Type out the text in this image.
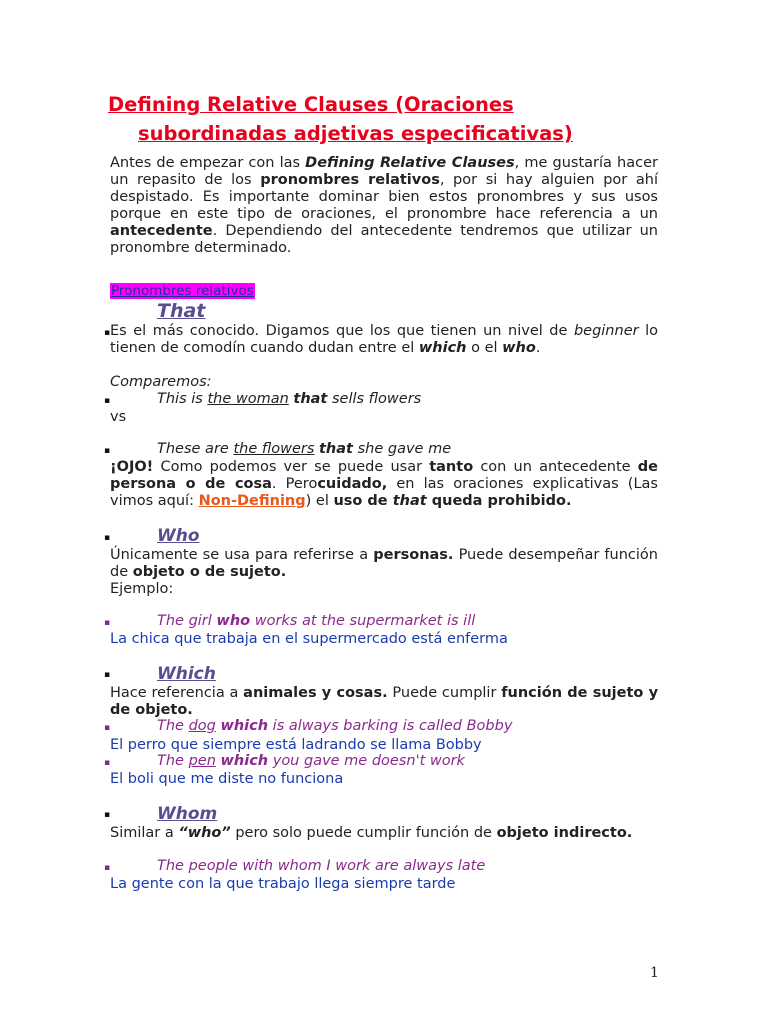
Defining Relative Clauses (Oraciones
subordinadas adjetivas especificativas)

Antes de empezar con las Defining Relative Clauses, me gustaría hacer un repasito de los pronombres relativos, por si hay alguien por ahí despistado. Es importante dominar bien estos pronombres y sus usos porque en este tipo de oraciones, el pronombre hace referencia a un antecedente. Dependiendo del antecedente tendremos que utilizar un pronombre determinado.

Pronombres relativos
▪
That

Es el más conocido. Digamos que los que tienen un nivel de beginner lo tienen de comodín cuando dudan entre el which o el who.

Comparemos:

▪	This is the woman that sells flowers

vs

▪	These are the flowers that she gave me

¡OJO! Como podemos ver se puede usar tanto con un antecedente de persona o de cosa. Perocuidado, en las oraciones explicativas (Las vimos aquí: Non-Defining) el uso de that queda prohibido.

▪	Who

Únicamente se usa para referirse a personas. Puede desempeñar función de objeto o de sujeto.

Ejemplo:

▪	The girl who works at the supermarket is ill

La chica que trabaja en el supermercado está enferma

▪	Which

Hace referencia a animales y cosas. Puede cumplir función de sujeto y de objeto.

▪	The dog which is always barking is called Bobby

El perro que siempre está ladrando se llama Bobby

▪	The pen which you gave me doesn't work

El boli que me diste no funciona

▪	Whom

Similar a “who” pero solo puede cumplir función de objeto indirecto.

▪	The people with whom I work are always late

La gente con la que trabajo llega siempre tarde

1
